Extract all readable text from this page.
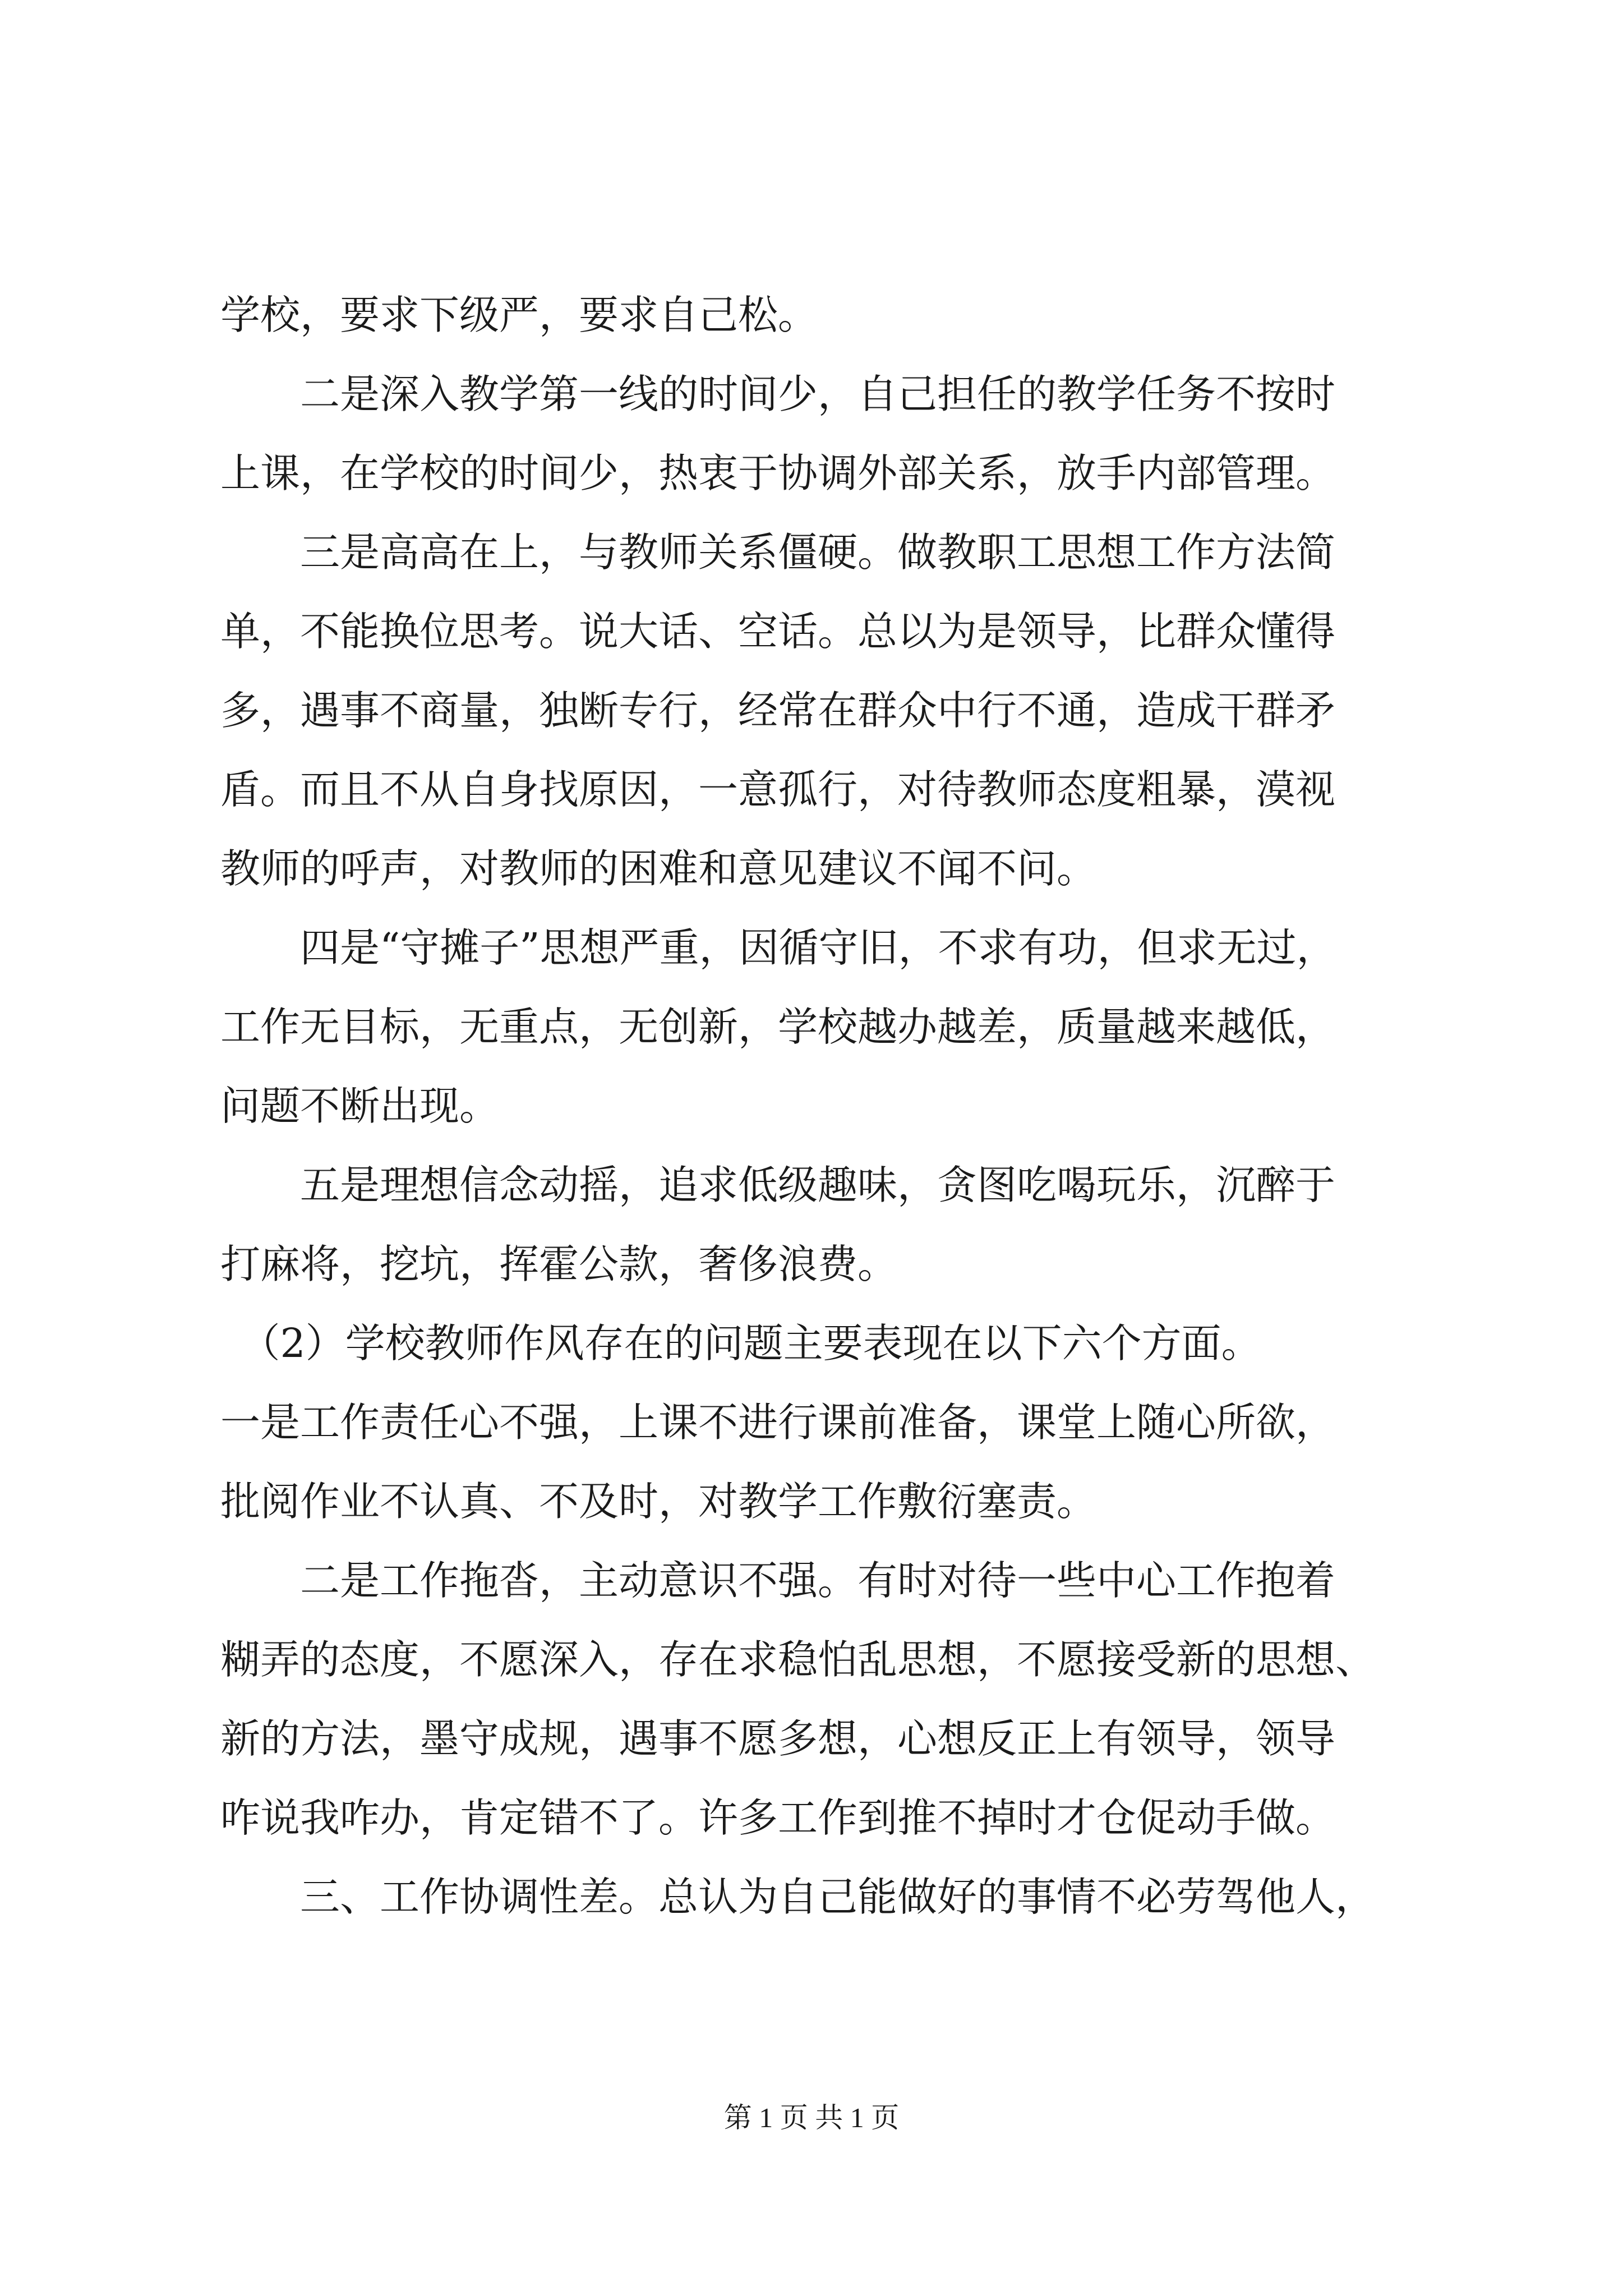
学校，要求下级严，要求自己松。
　　二是深入教学第一线的时间少，自己担任的教学任务不按时
上课，在学校的时间少，热衷于协调外部关系，放手内部管理。
　　三是高高在上，与教师关系僵硬。做教职工思想工作方法简
单，不能换位思考。说大话、空话。总以为是领导，比群众懂得
多，遇事不商量，独断专行，经常在群众中行不通，造成干群矛
盾。而且不从自身找原因，一意孤行，对待教师态度粗暴，漠视
教师的呼声，对教师的困难和意见建议不闻不问。
　　四是“守摊子”思想严重，因循守旧，不求有功，但求无过，
工作无目标，无重点，无创新，学校越办越差，质量越来越低，
问题不断出现。
　　五是理想信念动摇，追求低级趣味，贪图吃喝玩乐，沉醉于
打麻将，挖坑，挥霍公款，奢侈浪费。
　（2）学校教师作风存在的问题主要表现在以下六个方面。
一是工作责任心不强，上课不进行课前准备，课堂上随心所欲，
批阅作业不认真、不及时，对教学工作敷衍塞责。
　　二是工作拖沓，主动意识不强。有时对待一些中心工作抱着
糊弄的态度，不愿深入，存在求稳怕乱思想，不愿接受新的思想、
新的方法，墨守成规，遇事不愿多想，心想反正上有领导，领导
咋说我咋办，肯定错不了。许多工作到推不掉时才仓促动手做。
　　三、工作协调性差。总认为自己能做好的事情不必劳驾他人，
第 1 页 共 1 页
